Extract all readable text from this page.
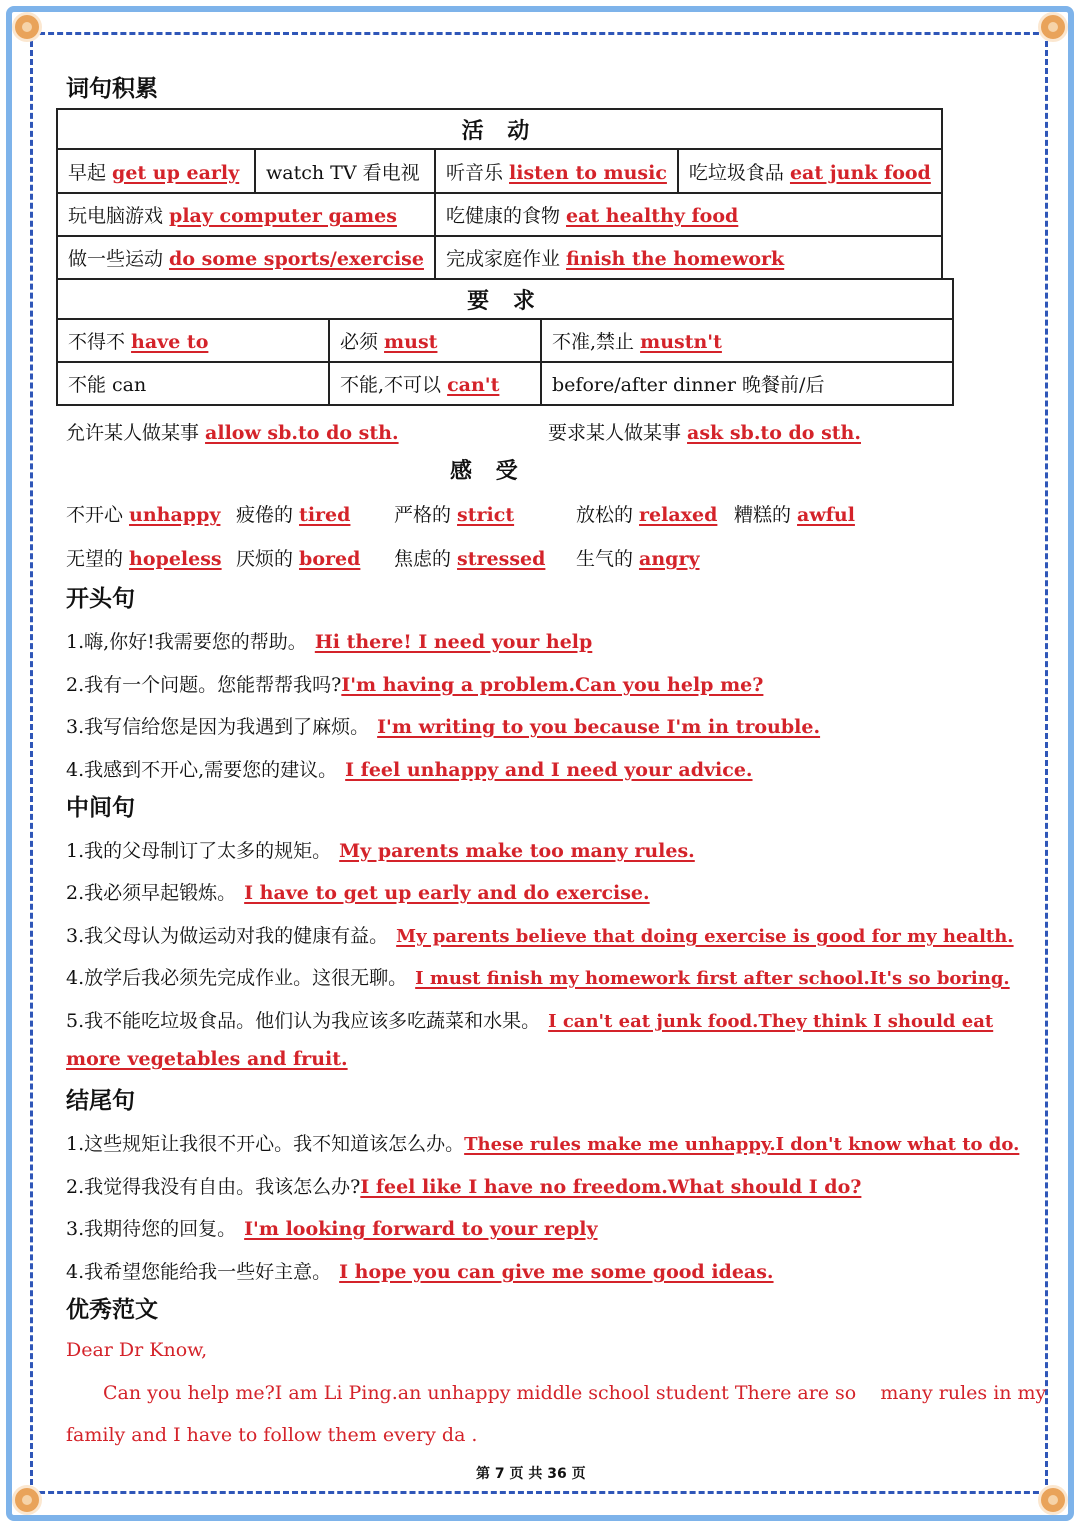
词句积累
活 动			
早起 get up early	watch TV 看电视	听音乐 listen to music	吃垃圾食品 eat junk food
玩电脑游戏 play computer games		吃健康的食物 eat healthy food	
做一些运动 do some sports/exercise		完成家庭作业 finish the homework	
要 求		
不得不 have to	必须 must	不准,禁止 mustn't
不能 can	不能,不可以 can't	before/after dinner 晚餐前/后
允许某人做某事 allow sb.to do sth.	要求某人做某事 ask sb.to do sth.
感 受
不开心 unhappy 疲倦的 tired 严格的 strict	放松的 relaxed 糟糕的 awful
无望的 hopeless 厌烦的 bored 焦虑的 stressed 生气的 angry
开头句
1.嗨,你好!我需要您的帮助。 Hi there! I need your help
2.我有一个问题。您能帮帮我吗?I'm having a problem.Can you help me?
3.我写信给您是因为我遇到了麻烦。 I'm writing to you because I'm in trouble.
4.我感到不开心,需要您的建议。 I feel unhappy and I need your advice.
中间句
1.我的父母制订了太多的规矩。 My parents make too many rules.
2.我必须早起锻炼。 I have to get up early and do exercise.
3.我父母认为做运动对我的健康有益。 My parents believe that doing exercise is good for my health.
4.放学后我必须先完成作业。这很无聊。 I must finish my homework first after school.It's so boring.
5.我不能吃垃圾食品。他们认为我应该多吃蔬菜和水果。 I can't eat junk food.They think I should eat
more vegetables and fruit.
结尾句
1.这些规矩让我很不开心。我不知道该怎么办。These rules make me unhappy.I don't know what to do.
2.我觉得我没有自由。我该怎么办?I feel like I have no freedom.What should I do?
3.我期待您的回复。 I'm looking forward to your reply
4.我希望您能给我一些好主意。 I hope you can give me some good ideas.
优秀范文
Dear Dr Know,
Can you help me?I am Li Ping.an unhappy middle school student There are so    many rules in my
family and I have to follow them every da .
第 7 页 共 36 页
